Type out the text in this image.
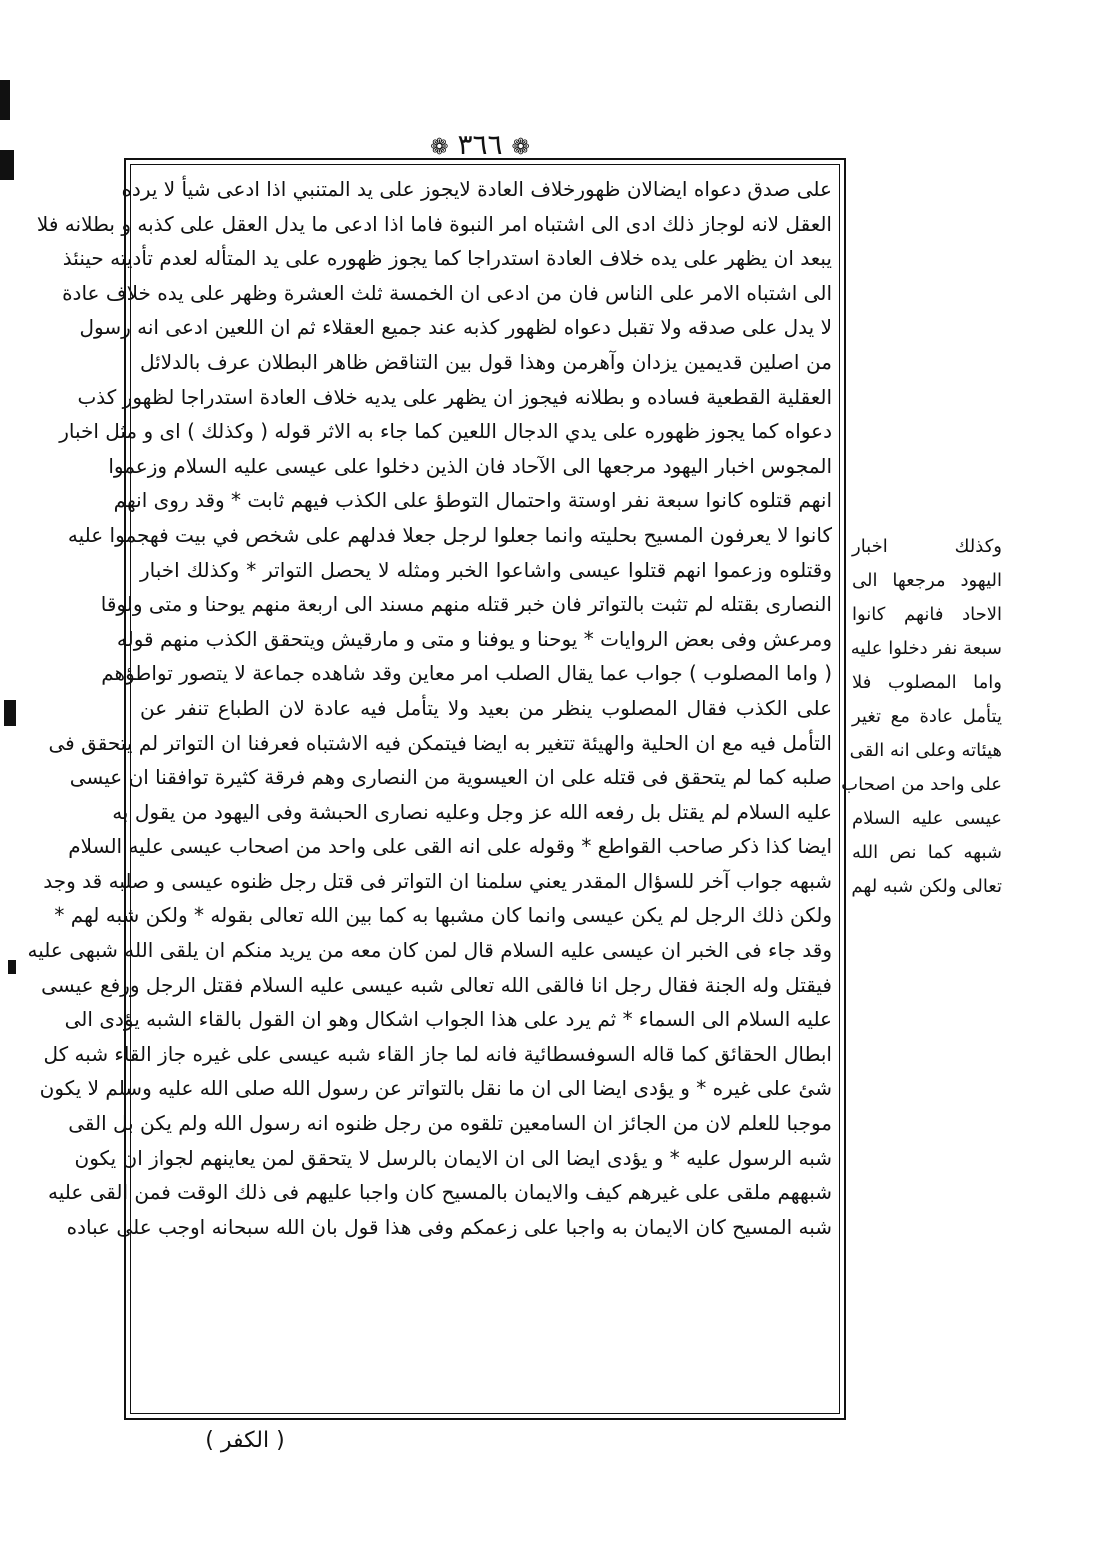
❁ ٣٦٦ ❁
على صدق دعواه ايضالان ظهورخلاف العادة لايجوز على يد المتنبي اذا ادعى شيأ لا يرده
العقل لانه لوجاز ذلك ادى الى اشتباه امر النبوة فاما اذا ادعى ما يدل العقل على كذبه و بطلانه فلا
يبعد ان يظهر على يده خلاف العادة استدراجا كما يجوز ظهوره على يد المتأله لعدم تأديته حينئذ
الى اشتباه الامر على الناس فان من ادعى ان الخمسة ثلث العشرة وظهر على يده خلاف عادة
لا يدل على صدقه ولا تقبل دعواه لظهور كذبه عند جميع العقلاء ثم ان اللعين ادعى انه رسول
من اصلين قديمين يزدان وآهرمن وهذا قول بين التناقض ظاهر البطلان عرف بالدلائل
العقلية القطعية فساده و بطلانه فيجوز ان يظهر على يديه خلاف العادة استدراجا لظهور كذب
دعواه كما يجوز ظهوره على يدي الدجال اللعين كما جاء به الاثر قوله ( وكذلك ) اى و مثل اخبار
المجوس اخبار اليهود مرجعها الى الآحاد فان الذين دخلوا على عيسى عليه السلام وزعموا
انهم قتلوه كانوا سبعة نفر اوستة واحتمال التوطؤ على الكذب فيهم ثابت * وقد روى انهم
كانوا لا يعرفون المسيح بحليته وانما جعلوا لرجل جعلا فدلهم على شخص في بيت فهجموا عليه
وقتلوه وزعموا انهم قتلوا عيسى واشاعوا الخبر ومثله لا يحصل التواتر * وكذلك اخبار
النصارى بقتله لم تثبت بالتواتر فان خبر قتله منهم مسند الى اربعة منهم يوحنا و متى ولوقا
ومرعش وفى بعض الروايات * يوحنا و يوفنا و متى و مارقيش ويتحقق الكذب منهم قوله
( واما المصلوب ) جواب عما يقال الصلب امر معاين وقد شاهده جماعة لا يتصور تواطؤهم
على الكذب فقال المصلوب ينظر من بعيد ولا يتأمل فيه عادة لان الطباع تنفر عن
التأمل فيه مع ان الحلية والهيئة تتغير به ايضا فيتمكن فيه الاشتباه فعرفنا ان التواتر لم يتحقق فى
صلبه كما لم يتحقق فى قتله على ان العيسوية من النصارى وهم فرقة كثيرة توافقنا ان عيسى
عليه السلام لم يقتل بل رفعه الله عز وجل وعليه نصارى الحبشة وفى اليهود من يقول به
ايضا كذا ذكر صاحب القواطع * وقوله على انه القى على واحد من اصحاب عيسى عليه السلام
شبهه جواب آخر للسؤال المقدر يعني سلمنا ان التواتر فى قتل رجل ظنوه عيسى و صلبه قد وجد
ولكن ذلك الرجل لم يكن عيسى وانما كان مشبها به كما بين الله تعالى بقوله * ولكن شبه لهم *
وقد جاء فى الخبر ان عيسى عليه السلام قال لمن كان معه من يريد منكم ان يلقى الله شبهى عليه
فيقتل وله الجنة فقال رجل انا فالقى الله تعالى شبه عيسى عليه السلام فقتل الرجل ورفع عيسى
عليه السلام الى السماء * ثم يرد على هذا الجواب اشكال وهو ان القول بالقاء الشبه يؤدى الى
ابطال الحقائق كما قاله السوفسطائية فانه لما جاز القاء شبه عيسى على غيره جاز القاء شبه كل
شئ على غيره * و يؤدى ايضا الى ان ما نقل بالتواتر عن رسول الله صلى الله عليه وسلم لا يكون
موجبا للعلم لان من الجائز ان السامعين تلقوه من رجل ظنوه انه رسول الله ولم يكن بل القى
شبه الرسول عليه * و يؤدى ايضا الى ان الايمان بالرسل لا يتحقق لمن يعاينهم لجواز ان يكون
شبههم ملقى على غيرهم كيف والايمان بالمسيح كان واجبا عليهم فى ذلك الوقت فمن القى عليه
شبه المسيح كان الايمان به واجبا على زعمكم وفى هذا قول بان الله سبحانه اوجب على عباده
وكذلك اخبار
اليهود مرجعها الى
الاحاد فانهم كانوا
سبعة نفر دخلوا عليه
واما المصلوب فلا
يتأمل عادة مع تغير
هيئاته وعلى انه القى
على واحد من اصحاب
عيسى عليه السلام
شبهه كما نص الله
تعالى ولكن شبه لهم
( الكفر )
